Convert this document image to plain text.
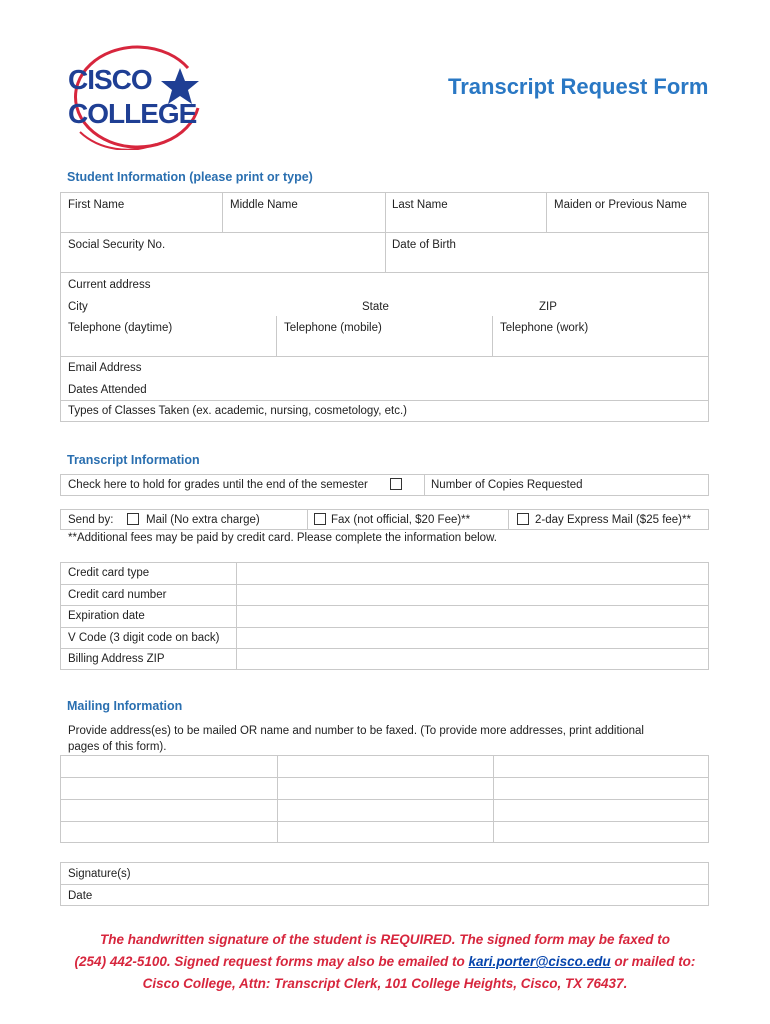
CISCO
COLLEGE
Transcript Request Form
Student Information (please print or type)
First Name	Middle Name	Last Name	Maiden or Previous Name
Social Security No.	Date of Birth
Current address
City	State	ZIP
Telephone (daytime)	Telephone (mobile)	Telephone (work)
Email Address
Dates Attended
Types of Classes Taken (ex. academic, nursing, cosmetology, etc.)
Transcript Information
Check here to hold for grades until the end of the semester	Number of Copies Requested
Send by:	Mail (No extra charge)	Fax (not official, $20 Fee)**	2-day Express Mail ($25 fee)**
**Additional fees may be paid by credit card. Please complete the information below.
Credit card type
Credit card number
Expiration date
V Code (3 digit code on back)
Billing Address ZIP
Mailing Information
Provide address(es) to be mailed OR name and number to be faxed. (To provide more addresses, print additional
pages of this form).
Signature(s)
Date
The handwritten signature of the student is REQUIRED. The signed form may be faxed to
(254) 442-5100. Signed request forms may also be emailed to kari.porter@cisco.edu or mailed to:
Cisco College, Attn: Transcript Clerk, 101 College Heights, Cisco, TX 76437.
